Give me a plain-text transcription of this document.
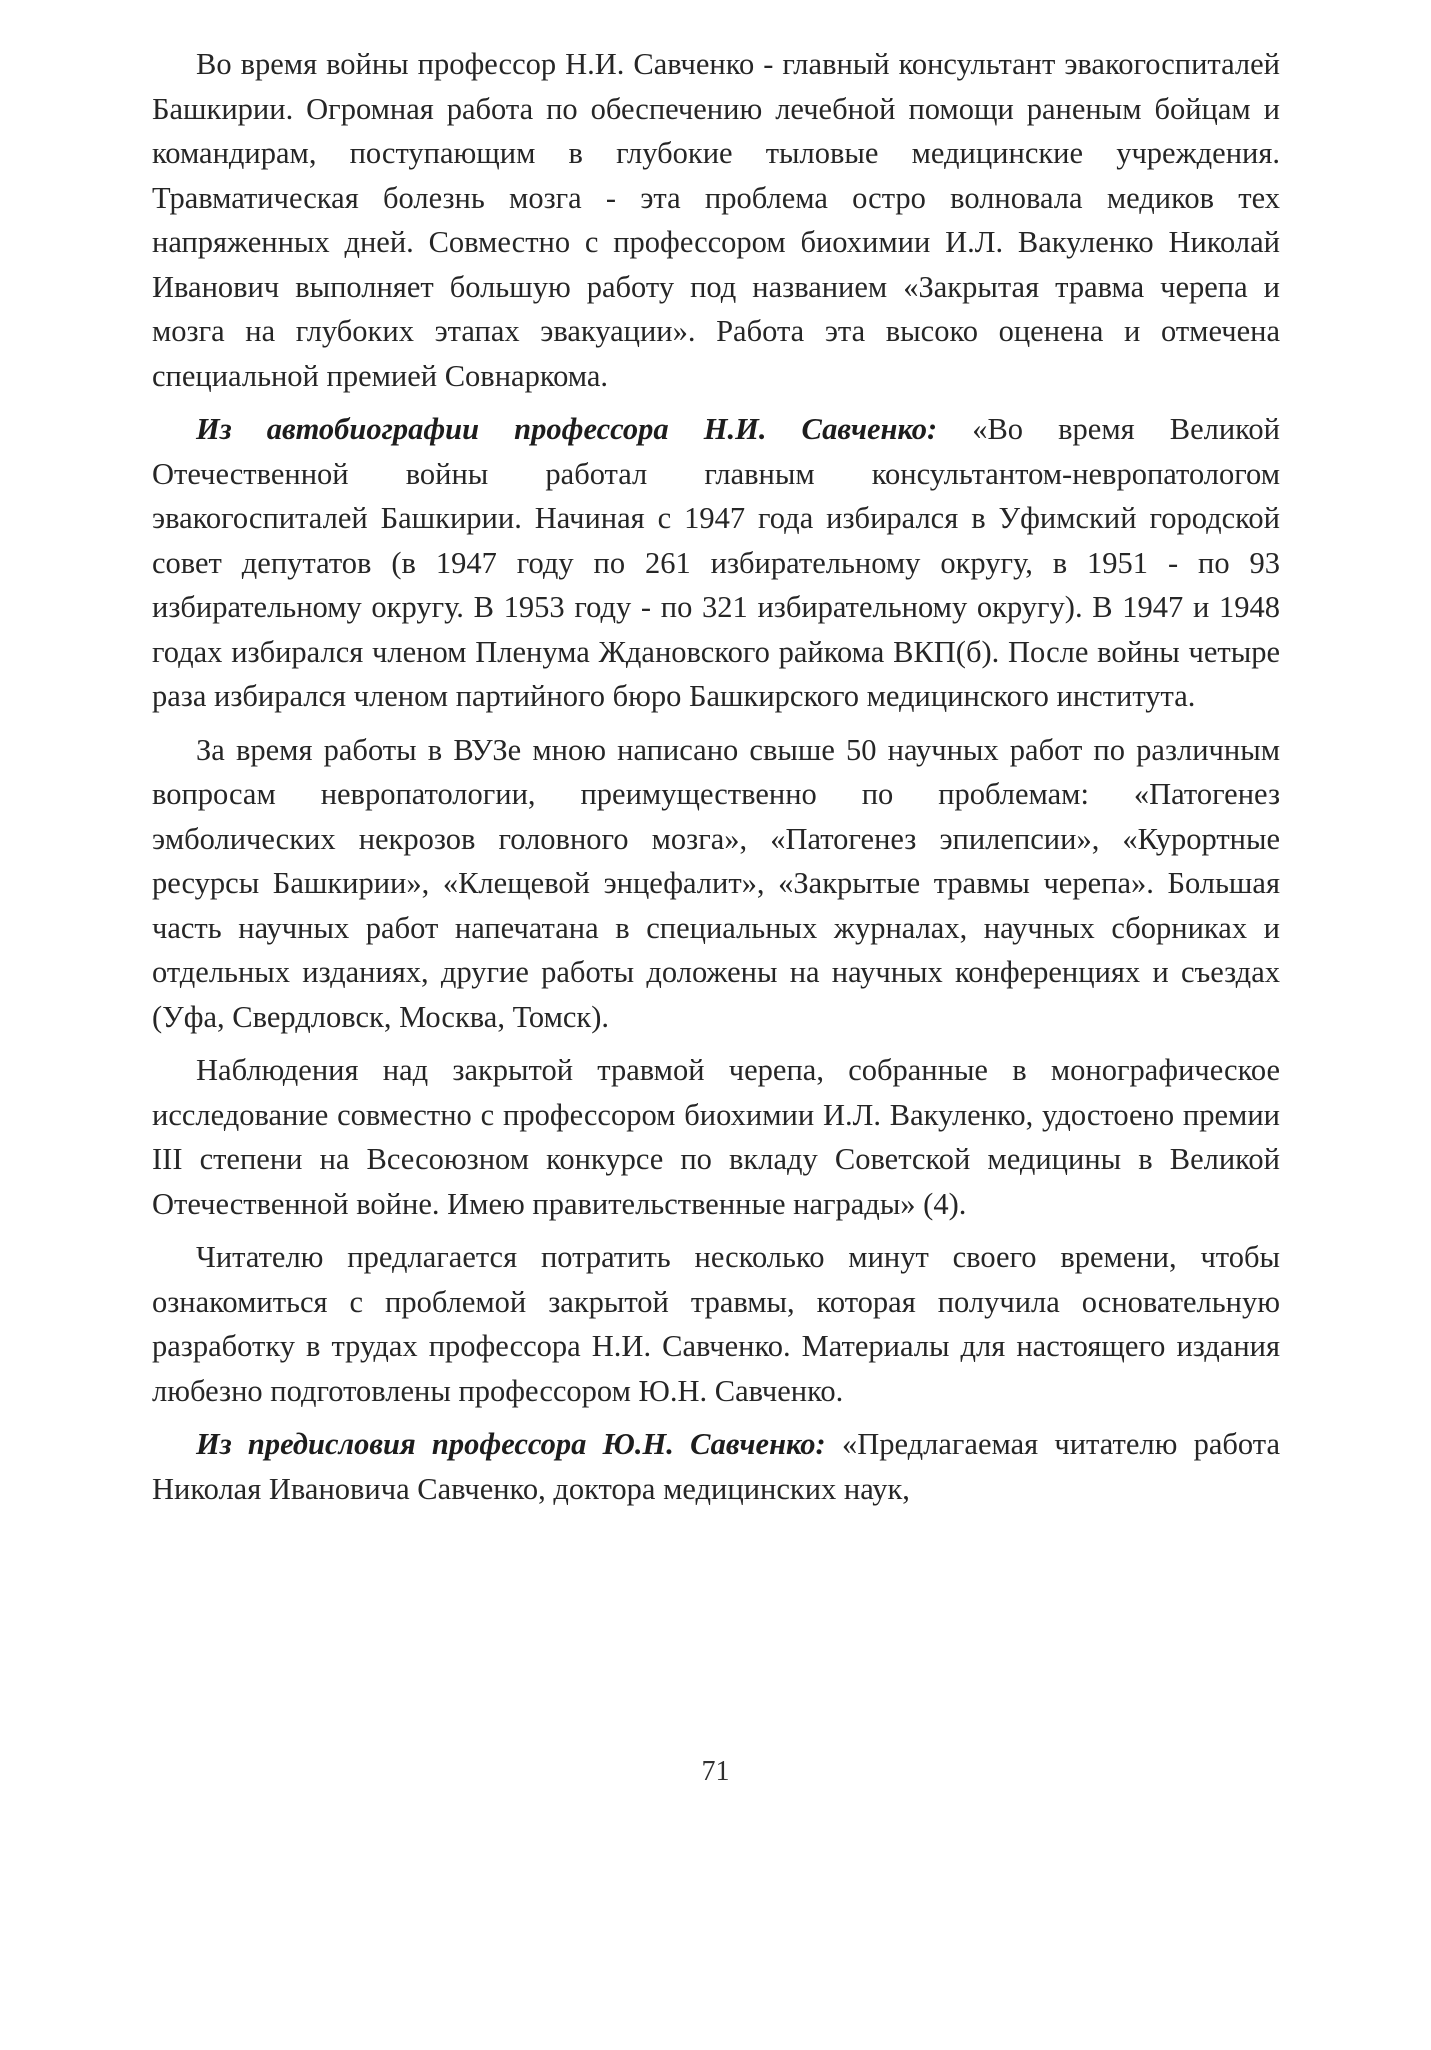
Во время войны профессор Н.И. Савченко - главный консультант эвакогоспиталей Башкирии. Огромная работа по обеспечению лечебной помощи раненым бойцам и командирам, поступающим в глубокие тыловые медицинские учреждения. Травматическая болезнь мозга - эта проблема остро волновала медиков тех напряженных дней. Совместно с профессором биохимии И.Л. Вакуленко Николай Иванович выполняет большую работу под названием «Закрытая травма черепа и мозга на глубоких этапах эвакуации». Работа эта высоко оценена и отмечена специальной премией Совнаркома.

Из автобиографии профессора Н.И. Савченко: «Во время Великой Отечественной войны работал главным консультантом-невропатологом эвакогоспиталей Башкирии. Начиная с 1947 года избирался в Уфимский городской совет депутатов (в 1947 году по 261 избирательному округу, в 1951 - по 93 избирательному округу. В 1953 году - по 321 избирательному округу). В 1947 и 1948 годах избирался членом Пленума Ждановского райкома ВКП(б). После войны четыре раза избирался членом партийного бюро Башкирского медицинского института.

За время работы в ВУЗе мною написано свыше 50 научных работ по различным вопросам невропатологии, преимущественно по проблемам: «Патогенез эмболических некрозов головного мозга», «Патогенез эпилепсии», «Курортные ресурсы Башкирии», «Клещевой энцефалит», «Закрытые травмы черепа». Большая часть научных работ напечатана в специальных журналах, научных сборниках и отдельных изданиях, другие работы доложены на научных конференциях и съездах (Уфа, Свердловск, Москва, Томск).

Наблюдения над закрытой травмой черепа, собранные в монографическое исследование совместно с профессором биохимии И.Л. Вакуленко, удостоено премии III степени на Всесоюзном конкурсе по вкладу Советской медицины в Великой Отечественной войне. Имею правительственные награды» (4).

Читателю предлагается потратить несколько минут своего времени, чтобы ознакомиться с проблемой закрытой травмы, которая получила основательную разработку в трудах профессора Н.И. Савченко. Материалы для настоящего издания любезно подготовлены профессором Ю.Н. Савченко.

Из предисловия профессора Ю.Н. Савченко: «Предлагаемая читателю работа Николая Ивановича Савченко, доктора медицинских наук,

71
